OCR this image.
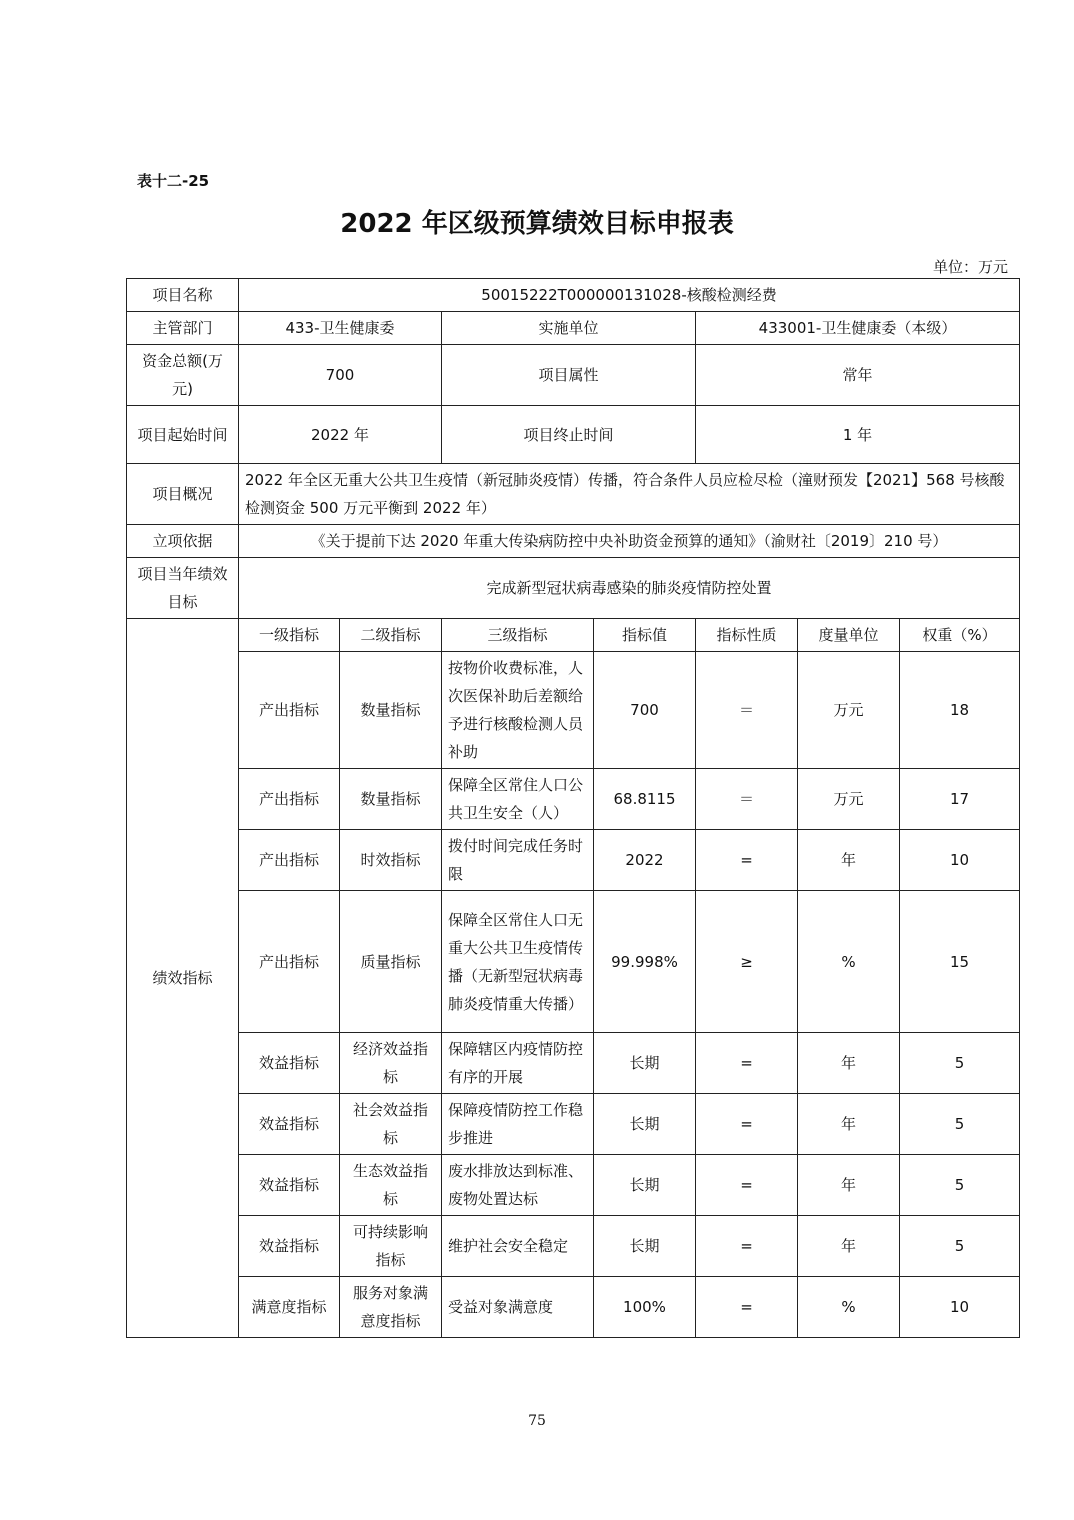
表十二-25
2022 年区级预算绩效目标申报表
单位：万元
项目名称	50015222T000000131028-核酸检测经费						
主管部门	433-卫生健康委		实施单位		433001-卫生健康委（本级）		
资金总额(万元)	700		项目属性		常年		
项目起始时间	2022 年		项目终止时间		1 年		
项目概况	2022 年全区无重大公共卫生疫情（新冠肺炎疫情）传播，符合条件人员应检尽检（潼财预发【2021】568 号核酸检测资金 500 万元平衡到 2022 年）						
立项依据	《关于提前下达 2020 年重大传染病防控中央补助资金预算的通知》（渝财社〔2019〕210 号）						
项目当年绩效目标	完成新型冠状病毒感染的肺炎疫情防控处置						
绩效指标	一级指标	二级指标	三级指标	指标值	指标性质	度量单位	权重（%）
	产出指标	数量指标	按物价收费标准，人次医保补助后差额给予进行核酸检测人员补助	700	＝	万元	18
	产出指标	数量指标	保障全区常住人口公共卫生安全（人）	68.8115	＝	万元	17
	产出指标	时效指标	拨付时间完成任务时限	2022	=	年	10
	产出指标	质量指标	保障全区常住人口无重大公共卫生疫情传播（无新型冠状病毒肺炎疫情重大传播）	99.998%	≥	%	15
	效益指标	经济效益指标	保障辖区内疫情防控有序的开展	长期	=	年	5
	效益指标	社会效益指标	保障疫情防控工作稳步推进	长期	=	年	5
	效益指标	生态效益指标	废水排放达到标准、废物处置达标	长期	=	年	5
	效益指标	可持续影响指标	维护社会安全稳定	长期	=	年	5
	满意度指标	服务对象满意度指标	受益对象满意度	100%	=	%	10
75
